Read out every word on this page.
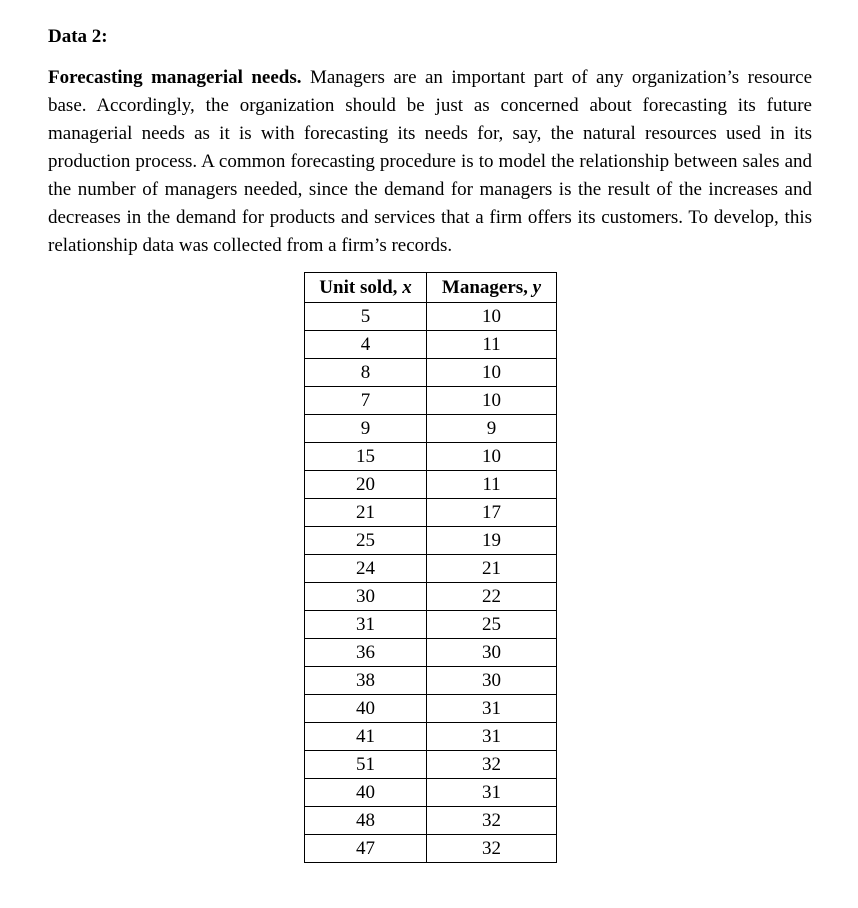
Data 2:

Forecasting managerial needs. Managers are an important part of any organization’s resource base. Accordingly, the organization should be just as concerned about forecasting its future managerial needs as it is with forecasting its needs for, say, the natural resources used in its production process. A common forecasting procedure is to model the relationship between sales and the number of managers needed, since the demand for managers is the result of the increases and decreases in the demand for products and services that a firm offers its customers. To develop, this relationship data was collected from a firm’s records.

Unit sold, x	Managers, y
5	10
4	11
8	10
7	10
9	9
15	10
20	11
21	17
25	19
24	21
30	22
31	25
36	30
38	30
40	31
41	31
51	32
40	31
48	32
47	32
